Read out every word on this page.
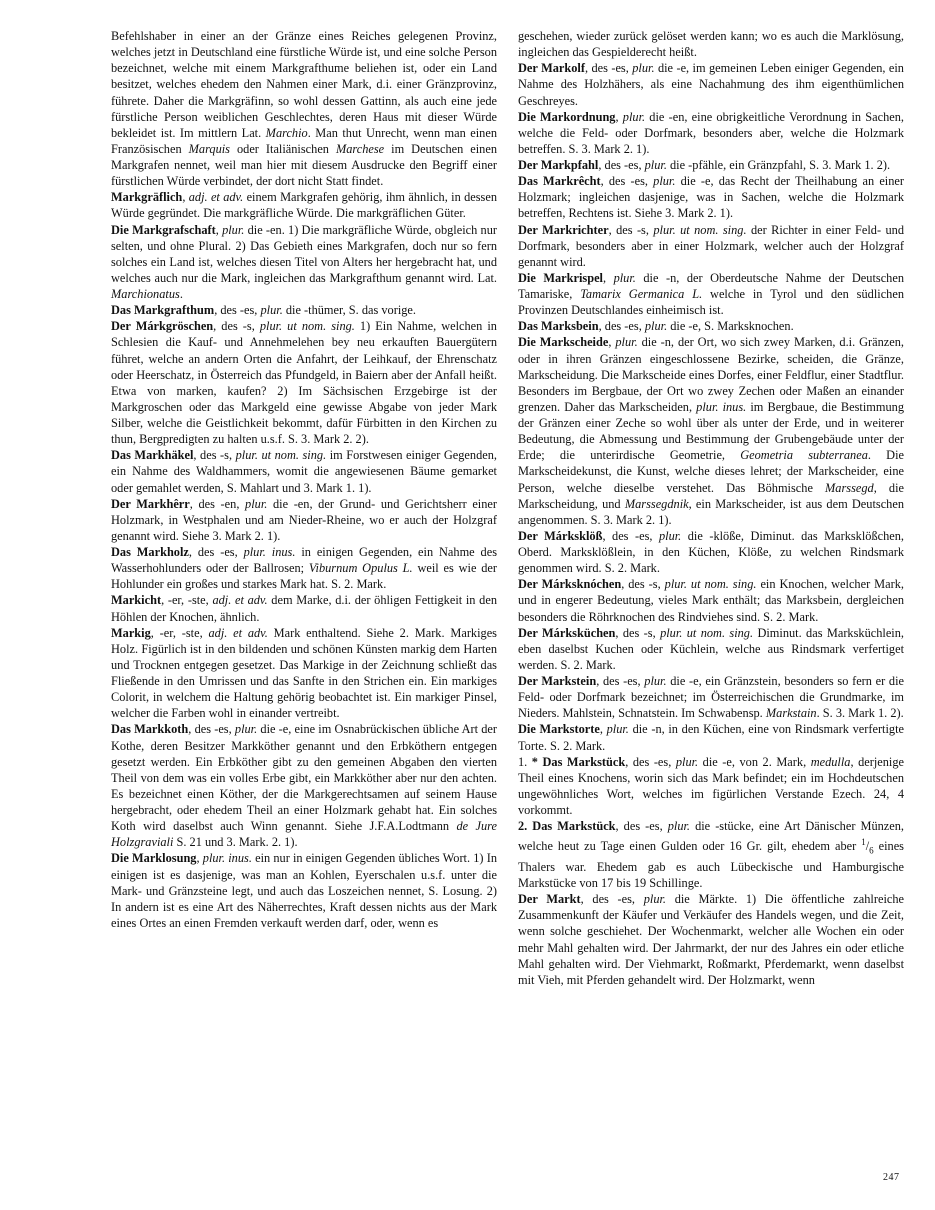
Befehlshaber in einer an der Gränze eines Reiches gelegenen Provinz, welches jetzt in Deutschland eine fürstliche Würde ist, und eine solche Person bezeichnet, welche mit einem Markgrafthume beliehen ist, oder ein Land besitzet, welches ehedem den Nahmen einer Mark, d.i. einer Gränzprovinz, führete. Daher die Markgräfinn, so wohl dessen Gattinn, als auch eine jede fürstliche Person weiblichen Geschlechtes, deren Haus mit dieser Würde bekleidet ist. Im mittlern Lat. Marchio. Man thut Unrecht, wenn man einen Französischen Marquis oder Italiänischen Marchese im Deutschen einen Markgrafen nennet, weil man hier mit diesem Ausdrucke den Begriff einer fürstlichen Würde verbindet, der dort nicht Statt findet.

Markgräflich, adj. et adv. einem Markgrafen gehörig, ihm ähnlich, in dessen Würde gegründet. Die markgräfliche Würde. Die markgräflichen Güter.

Die Markgrafschaft, plur. die -en. 1) Die markgräfliche Würde, obgleich nur selten, und ohne Plural. 2) Das Gebieth eines Markgrafen, doch nur so fern solches ein Land ist, welches diesen Titel von Alters her hergebracht hat, und welches auch nur die Mark, ingleichen das Markgrafthum genannt wird. Lat. Marchionatus.

Das Markgrafthum, des -es, plur. die -thümer, S. das vorige.

Der Márkgröschen, des -s, plur. ut nom. sing. 1) Ein Nahme, welchen in Schlesien die Kauf- und Annehmelehen bey neu erkauften Bauergütern führet, welche an andern Orten die Anfahrt, der Leihkauf, der Ehrenschatz oder Heerschatz, in Österreich das Pfundgeld, in Baiern aber der Anfall heißt. Etwa von marken, kaufen? 2) Im Sächsischen Erzgebirge ist der Markgroschen oder das Markgeld eine gewisse Abgabe von jeder Mark Silber, welche die Geistlichkeit bekommt, dafür Fürbitten in den Kirchen zu thun, Bergpredigten zu halten u.s.f. S. 3. Mark 2. 2).

Das Markhäkel, des -s, plur. ut nom. sing. im Forstwesen einiger Gegenden, ein Nahme des Waldhammers, womit die angewiesenen Bäume gemarket oder gemahlet werden, S. Mahlart und 3. Mark 1. 1).

Der Markhêrr, des -en, plur. die -en, der Grund- und Gerichtsherr einer Holzmark, in Westphalen und am Nieder-Rheine, wo er auch der Holzgraf genannt wird. Siehe 3. Mark 2. 1).

Das Markholz, des -es, plur. inus. in einigen Gegenden, ein Nahme des Wasserhohlunders oder der Ballrosen; Viburnum Opulus L. weil es wie der Hohlunder ein großes und starkes Mark hat. S. 2. Mark.

Markicht, -er, -ste, adj. et adv. dem Marke, d.i. der öhligen Fettigkeit in den Höhlen der Knochen, ähnlich.

Markig, -er, -ste, adj. et adv. Mark enthaltend. Siehe 2. Mark. Markiges Holz. Figürlich ist in den bildenden und schönen Künsten markig dem Harten und Trocknen entgegen gesetzet. Das Markige in der Zeichnung schließt das Fließende in den Umrissen und das Sanfte in den Strichen ein. Ein markiges Colorit, in welchem die Haltung gehörig beobachtet ist. Ein markiger Pinsel, welcher die Farben wohl in einander vertreibt.

Das Markkoth, des -es, plur. die -e, eine im Osnabrückischen übliche Art der Kothe, deren Besitzer Markköther genannt und den Erbköthern entgegen gesetzt werden. Ein Erbköther gibt zu den gemeinen Abgaben den vierten Theil von dem was ein volles Erbe gibt, ein Markköther aber nur den achten. Es bezeichnet einen Köther, der die Markgerechtsamen auf seinem Hause hergebracht, oder ehedem Theil an einer Holzmark gehabt hat. Ein solches Koth wird daselbst auch Winn genannt. Siehe J.F.A.Lodtmann de Jure Holzgraviali S. 21 und 3. Mark. 2. 1).

Die Marklosung, plur. inus. ein nur in einigen Gegenden übliches Wort. 1) In einigen ist es dasjenige, was man an Kohlen, Eyerschalen u.s.f. unter die Mark- und Gränzsteine legt, und auch das Loszeichen nennet, S. Losung. 2) In andern ist es eine Art des Näherrechtes, Kraft dessen nichts aus der Mark eines Ortes an einen Fremden verkauft werden darf, oder, wenn es

geschehen, wieder zurück gelöset werden kann; wo es auch die Marklösung, ingleichen das Gespielderecht heißt.

Der Markolf, des -es, plur. die -e, im gemeinen Leben einiger Gegenden, ein Nahme des Holzhähers, als eine Nachahmung des ihm eigenthümlichen Geschreyes.

Die Markordnung, plur. die -en, eine obrigkeitliche Verordnung in Sachen, welche die Feld- oder Dorfmark, besonders aber, welche die Holzmark betreffen. S. 3. Mark 2. 1).

Der Markpfahl, des -es, plur. die -pfähle, ein Gränzpfahl, S. 3. Mark 1. 2).

Das Markrêcht, des -es, plur. die -e, das Recht der Theilhabung an einer Holzmark; ingleichen dasjenige, was in Sachen, welche die Holzmark betreffen, Rechtens ist. Siehe 3. Mark 2. 1).

Der Markrichter, des -s, plur. ut nom. sing. der Richter in einer Feld- und Dorfmark, besonders aber in einer Holzmark, welcher auch der Holzgraf genannt wird.

Die Markrispel, plur. die -n, der Oberdeutsche Nahme der Deutschen Tamariske, Tamarix Germanica L. welche in Tyrol und den südlichen Provinzen Deutschlandes einheimisch ist.

Das Marksbein, des -es, plur. die -e, S. Marksknochen.

Die Markscheide, plur. die -n, der Ort, wo sich zwey Marken, d.i. Gränzen, oder in ihren Gränzen eingeschlossene Bezirke, scheiden, die Gränze, Markscheidung. Die Markscheide eines Dorfes, einer Feldflur, einer Stadtflur. Besonders im Bergbaue, der Ort wo zwey Zechen oder Maßen an einander grenzen. Daher das Markscheiden, plur. inus. im Bergbaue, die Bestimmung der Gränzen einer Zeche so wohl über als unter der Erde, und in weiterer Bedeutung, die Abmessung und Bestimmung der Grubengebäude unter der Erde; die unterirdische Geometrie, Geometria subterranea. Die Markscheidekunst, die Kunst, welche dieses lehret; der Markscheider, eine Person, welche dieselbe verstehet. Das Böhmische Marssegd, die Markscheidung, und Marssegdnik, ein Markscheider, ist aus dem Deutschen angenommen. S. 3. Mark 2. 1).

Der Márksklöß, des -es, plur. die -klöße, Diminut. das Marksklößchen, Oberd. Marksklößlein, in den Küchen, Klöße, zu welchen Rindsmark genommen wird. S. 2. Mark.

Der Márksknóchen, des -s, plur. ut nom. sing. ein Knochen, welcher Mark, und in engerer Bedeutung, vieles Mark enthält; das Marksbein, dergleichen besonders die Röhrknochen des Rindviehes sind. S. 2. Mark.

Der Márksküchen, des -s, plur. ut nom. sing. Diminut. das Marksküchlein, eben daselbst Kuchen oder Küchlein, welche aus Rindsmark verfertiget werden. S. 2. Mark.

Der Markstein, des -es, plur. die -e, ein Gränzstein, besonders so fern er die Feld- oder Dorfmark bezeichnet; im Österreichischen die Grundmarke, im Nieders. Mahlstein, Schnatstein. Im Schwabensp. Markstain. S. 3. Mark 1. 2).

Die Markstorte, plur. die -n, in den Küchen, eine von Rindsmark verfertigte Torte. S. 2. Mark.

1. * Das Markstück, des -es, plur. die -e, von 2. Mark, medulla, derjenige Theil eines Knochens, worin sich das Mark befindet; ein im Hochdeutschen ungewöhnliches Wort, welches im figürlichen Verstande Ezech. 24, 4 vorkommt.

2. Das Markstück, des -es, plur. die -stücke, eine Art Dänischer Münzen, welche heut zu Tage einen Gulden oder 16 Gr. gilt, ehedem aber $^1/_6$ eines Thalers war. Ehedem gab es auch Lübeckische und Hamburgische Markstücke von 17 bis 19 Schillinge.

Der Markt, des -es, plur. die Märkte. 1) Die öffentliche zahlreiche Zusammenkunft der Käufer und Verkäufer des Handels wegen, und die Zeit, wenn solche geschiehet. Der Wochenmarkt, welcher alle Wochen ein oder mehr Mahl gehalten wird. Der Jahrmarkt, der nur des Jahres ein oder etliche Mahl gehalten wird. Der Viehmarkt, Roßmarkt, Pferdemarkt, wenn daselbst mit Vieh, mit Pferden gehandelt wird. Der Holzmarkt, wenn

247
